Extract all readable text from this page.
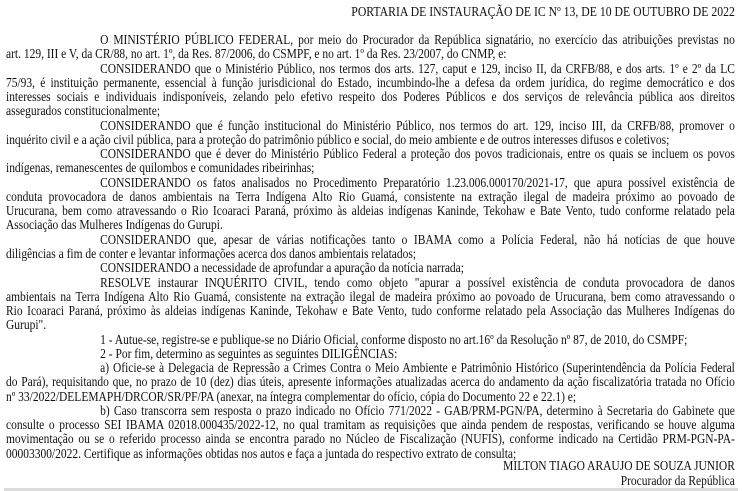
PORTARIA DE INSTAURAÇÃO DE IC Nº 13, DE 10 DE OUTUBRO DE 2022
O MINISTÉRIO PÚBLICO FEDERAL, por meio do Procurador da República signatário, no exercício das atribuições previstas no
art. 129, III e V, da CR/88, no art. 1º, da Res. 87/2006, do CSMPF, e no art. 1º da Res. 23/2007, do CNMP, e:
CONSIDERANDO que o Ministério Público, nos termos dos arts. 127, caput e 129, inciso II, da CRFB/88, e dos arts. 1º e 2º da LC
75/93, é instituição permanente, essencial à função jurisdicional do Estado, incumbindo-lhe a defesa da ordem jurídica, do regime democrático e dos
interesses sociais e individuais indisponíveis, zelando pelo efetivo respeito dos Poderes Públicos e dos serviços de relevância pública aos direitos
assegurados constitucionalmente;
CONSIDERANDO que é função institucional do Ministério Público, nos termos do art. 129, inciso III, da CRFB/88, promover o
inquérito civil e a ação civil pública, para a proteção do patrimônio público e social, do meio ambiente e de outros interesses difusos e coletivos;
CONSIDERANDO que é dever do Ministério Público Federal a proteção dos povos tradicionais, entre os quais se incluem os povos
indígenas, remanescentes de quilombos e comunidades ribeirinhas;
CONSIDERANDO os fatos analisados no Procedimento Preparatório 1.23.006.000170/2021-17, que apura possível existência de
conduta provocadora de danos ambientais na Terra Indígena Alto Rio Guamá, consistente na extração ilegal de madeira próximo ao povoado de
Urucurana, bem como atravessando o Rio Icoaraci Paraná, próximo às aldeias indígenas Kaninde, Tekohaw e Bate Vento, tudo conforme relatado pela
Associação das Mulheres Indígenas do Gurupi.
CONSIDERANDO que, apesar de várias notificações tanto o IBAMA como a Polícia Federal, não há notícias de que houve
diligências a fim de conter e levantar informações acerca dos danos ambientais relatados;
CONSIDERANDO a necessidade de aprofundar a apuração da notícia narrada;
RESOLVE instaurar INQUÉRITO CIVIL, tendo como objeto "apurar a possível existência de conduta provocadora de danos
ambientais na Terra Indígena Alto Rio Guamá, consistente na extração ilegal de madeira próximo ao povoado de Urucurana, bem como atravessando o
Rio Icoaraci Paraná, próximo às aldeias indígenas Kaninde, Tekohaw e Bate Vento, tudo conforme relatado pela Associação das Mulheres Indígenas do
Gurupi".
1 - Autue-se, registre-se e publique-se no Diário Oficial, conforme disposto no art.16º da Resolução nº 87, de 2010, do CSMPF;
2 - Por fim, determino as seguintes as seguintes DILIGÊNCIAS:
a) Oficie-se à Delegacia de Repressão a Crimes Contra o Meio Ambiente e Patrimônio Histórico (Superintendência da Polícia Federal
do Pará), requisitando que, no prazo de 10 (dez) dias úteis, apresente informações atualizadas acerca do andamento da ação fiscalizatória tratada no Ofício
nº 33/2022/DELEMAPH/DRCOR/SR/PF/PA (anexar, na íntegra complementar do ofício, cópia do Documento 22 e 22.1) e;
b) Caso transcorra sem resposta o prazo indicado no Ofício 771/2022 - GAB/PRM-PGN/PA, determino à Secretaria do Gabinete que
consulte o processo SEI IBAMA 02018.000435/2022-12, no qual tramitam as requisições que ainda pendem de respostas, verificando se houve alguma
movimentação ou se o referido processo ainda se encontra parado no Núcleo de Fiscalização (NUFIS), conforme indicado na Certidão PRM-PGN-PA-
00003300/2022. Certifique as informações obtidas nos autos e faça a juntada do respectivo extrato de consulta;
MILTON TIAGO ARAUJO DE SOUZA JUNIOR
Procurador da República
